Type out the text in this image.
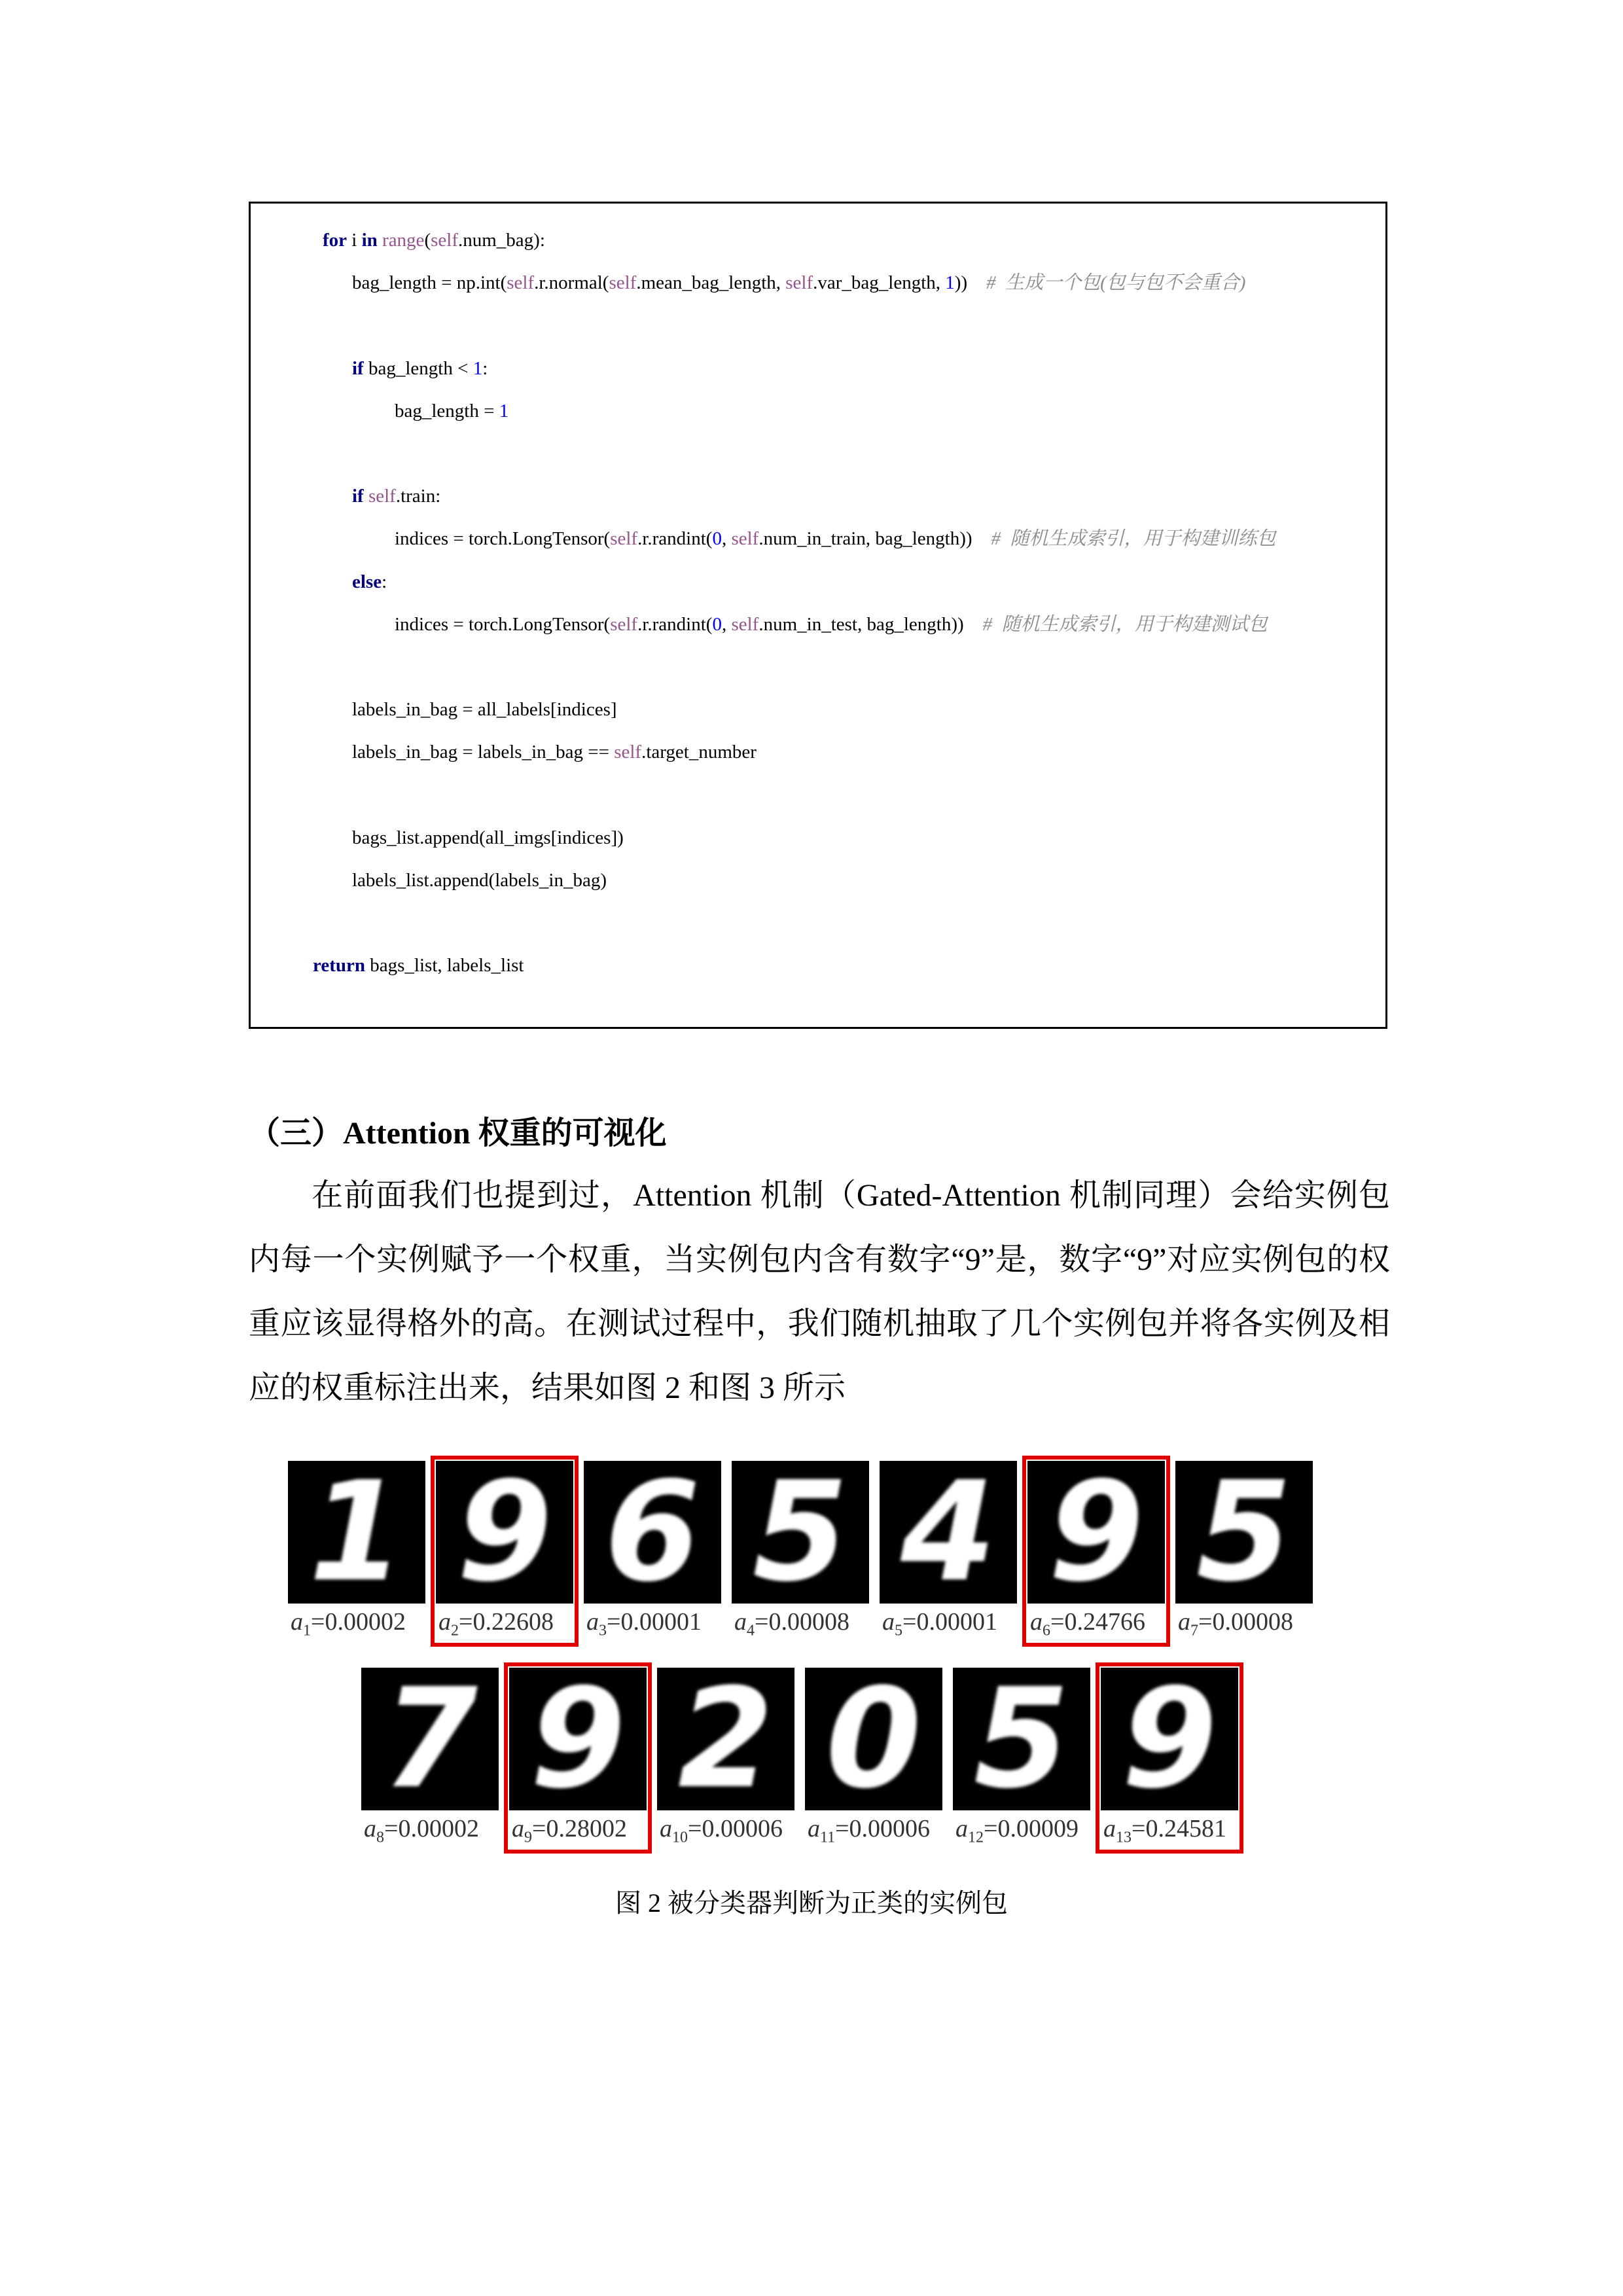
for i in range(self.num_bag):
bag_length = np.int(self.r.normal(self.mean_bag_length, self.var_bag_length, 1))    #  生成一个包(包与包不会重合)
if bag_length < 1:
bag_length = 1
if self.train:
indices = torch.LongTensor(self.r.randint(0, self.num_in_train, bag_length))    #  随机生成索引，用于构建训练包
else:
indices = torch.LongTensor(self.r.randint(0, self.num_in_test, bag_length))    #  随机生成索引，用于构建测试包
labels_in_bag = all_labels[indices]
labels_in_bag = labels_in_bag == self.target_number
bags_list.append(all_imgs[indices])
labels_list.append(labels_in_bag)
return bags_list, labels_list
（三）Attention 权重的可视化
在前面我们也提到过，Attention 机制（Gated-Attention 机制同理）会给实例包内每一个实例赋予一个权重，当实例包内含有数字“9”是，数字“9”对应实例包的权重应该显得格外的高。在测试过程中，我们随机抽取了几个实例包并将各实例及相应的权重标注出来，结果如图 2 和图 3 所示
图 2 被分类器判断为正类的实例包
1
$a_1=0.00002$
9
$a_2=0.22608$
6
$a_3=0.00001$
5
$a_4=0.00008$
4
$a_5=0.00001$
9
$a_6=0.24766$
5
$a_7=0.00008$
7
$a_8=0.00002$
9
$a_9=0.28002$
2
$a_{10}=0.00006$
0
$a_{11}=0.00006$
5
$a_{12}=0.00009$
9
$a_{13}=0.24581$
